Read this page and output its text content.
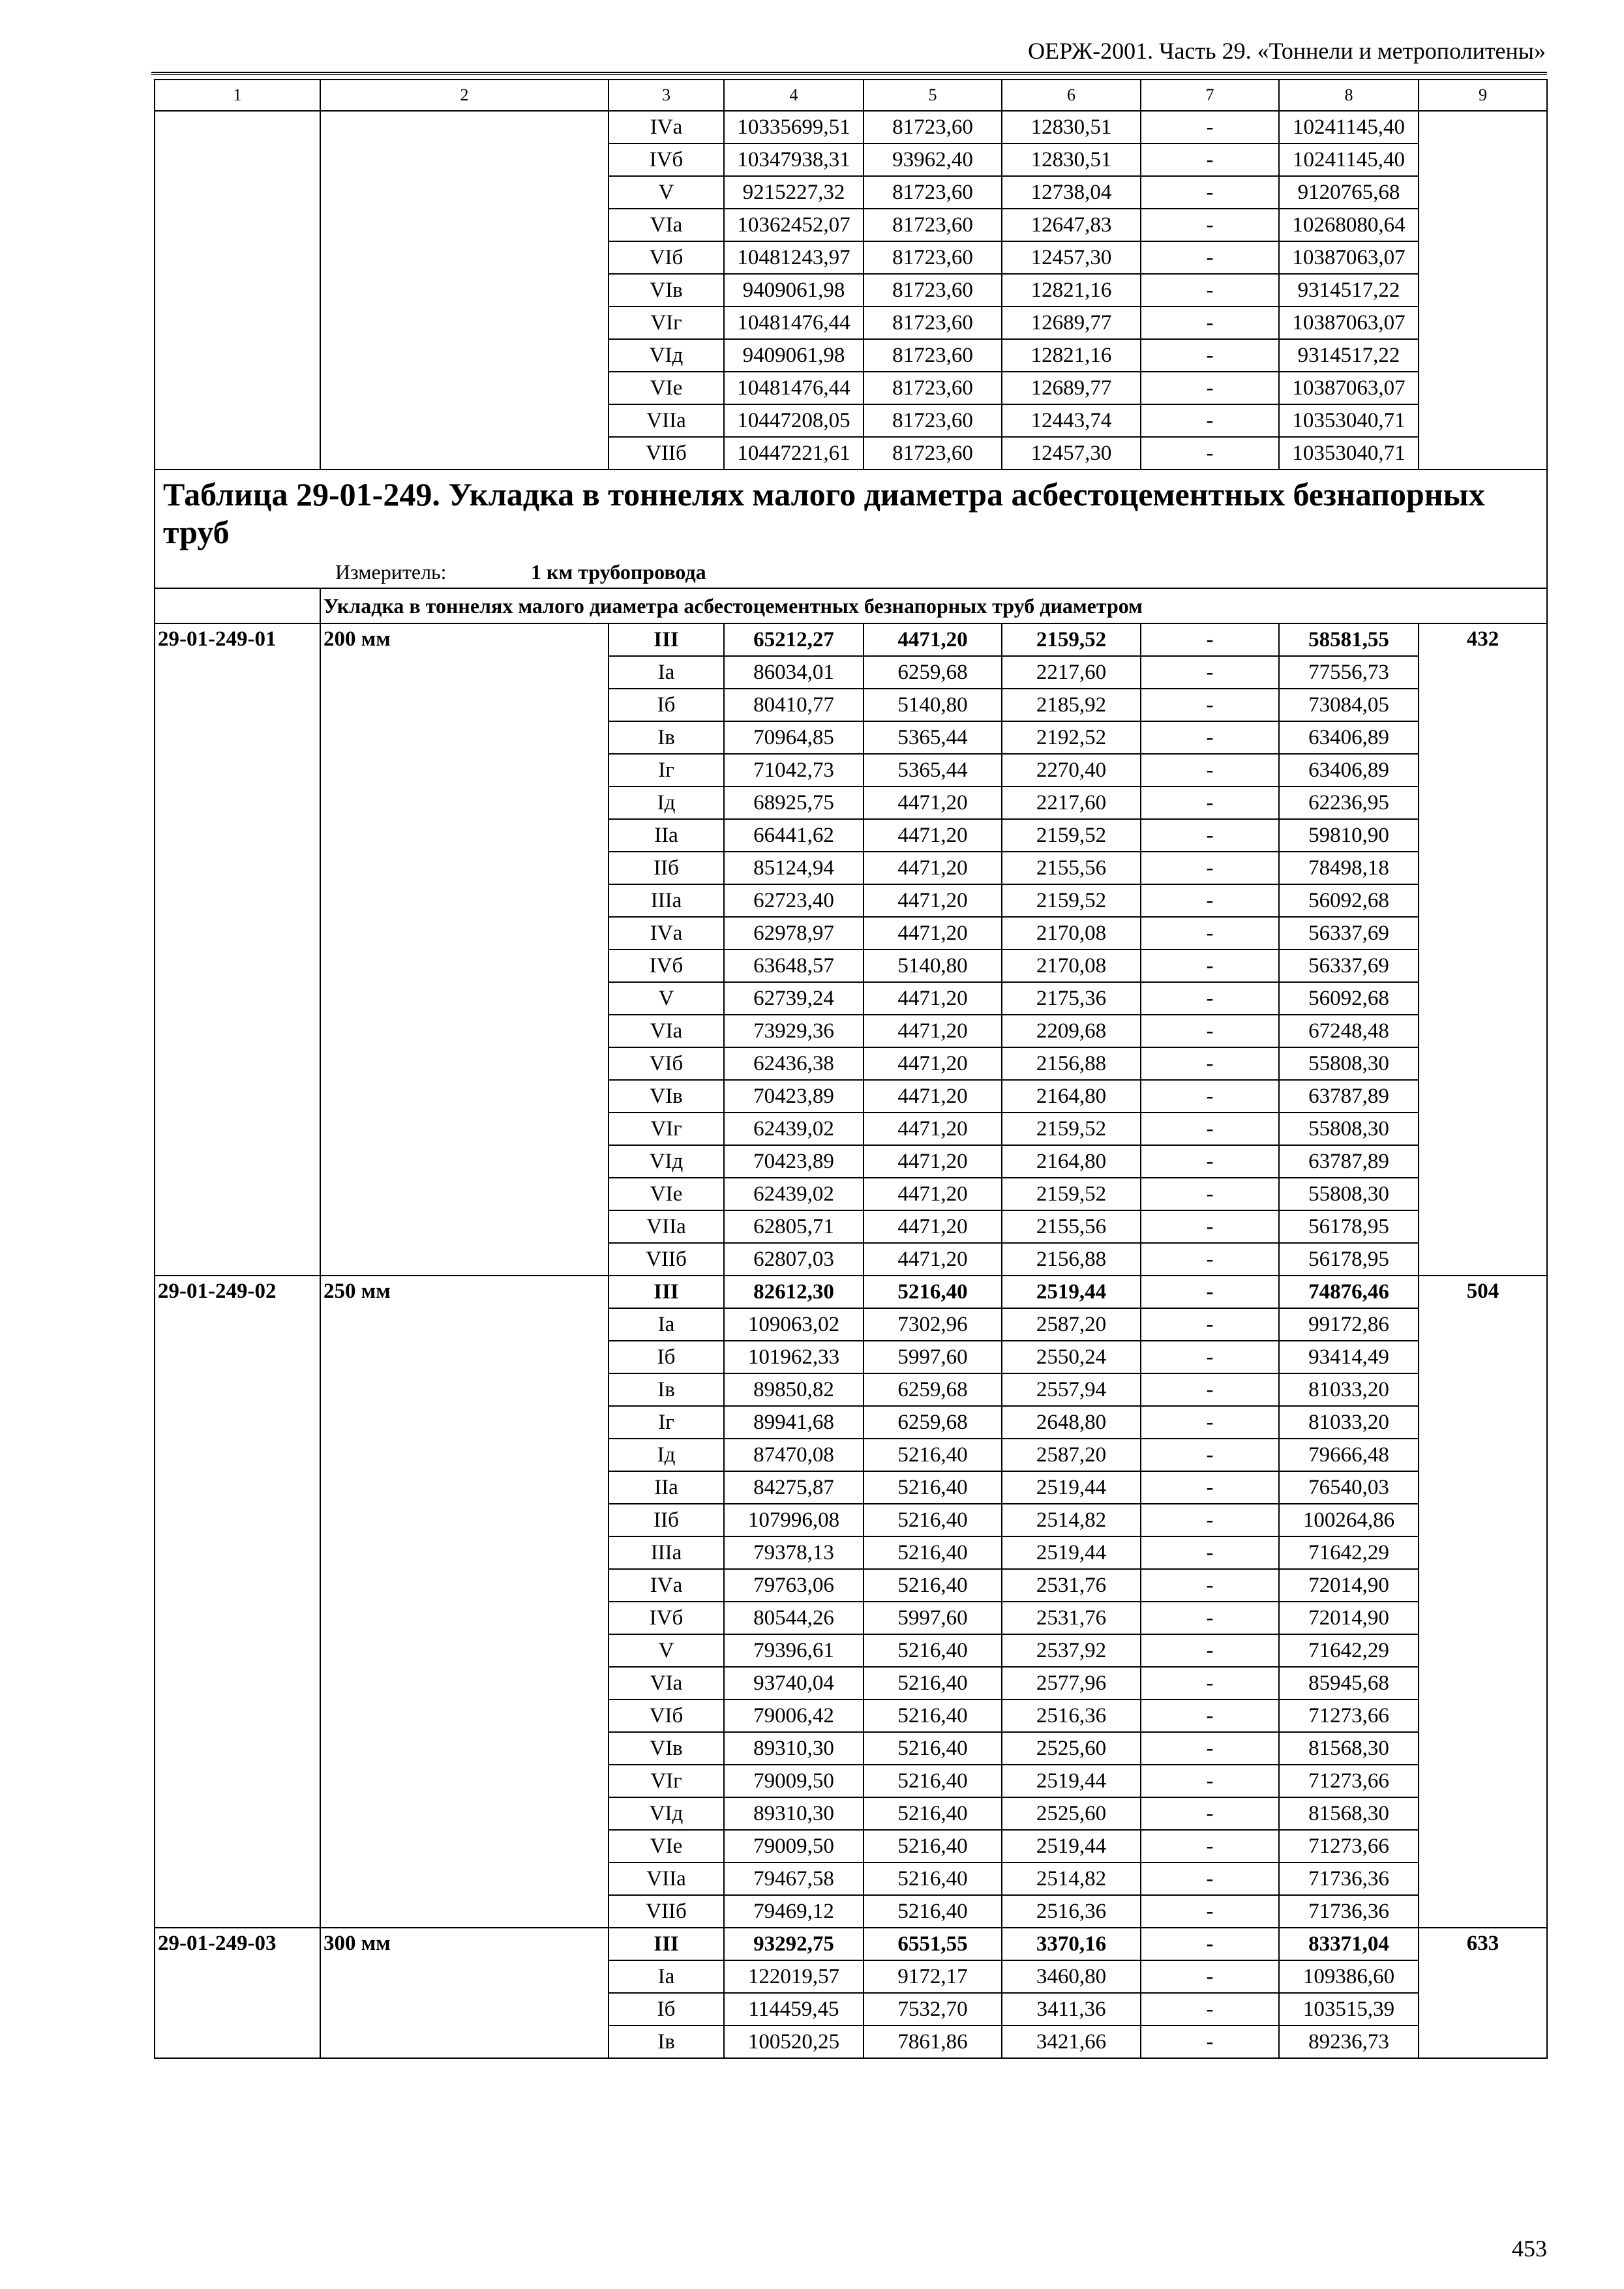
ОЕРЖ-2001. Часть 29. «Тоннели и метрополитены»
1	2	3	4	5	6	7	8	9
		IVа	10335699,51	81723,60	12830,51	-	10241145,40	
		IVб	10347938,31	93962,40	12830,51	-	10241145,40	
		V	9215227,32	81723,60	12738,04	-	9120765,68	
		VIа	10362452,07	81723,60	12647,83	-	10268080,64	
		VIб	10481243,97	81723,60	12457,30	-	10387063,07	
		VIв	9409061,98	81723,60	12821,16	-	9314517,22	
		VIг	10481476,44	81723,60	12689,77	-	10387063,07	
		VIд	9409061,98	81723,60	12821,16	-	9314517,22	
		VIе	10481476,44	81723,60	12689,77	-	10387063,07	
		VIIа	10447208,05	81723,60	12443,74	-	10353040,71	
		VIIб	10447221,61	81723,60	12457,30	-	10353040,71	

Таблица 29-01-249. Укладка в тоннелях малого диаметра асбестоцементных безнапорных труб
Измеритель: 1 км трубопровода								

	Укладка в тоннелях малого диаметра асбестоцементных безнапорных труб диаметром							
29-01-249-01	200 мм	III	65212,27	4471,20	2159,52	-	58581,55	432
		Iа	86034,01	6259,68	2217,60	-	77556,73	
		Iб	80410,77	5140,80	2185,92	-	73084,05	
		Iв	70964,85	5365,44	2192,52	-	63406,89	
		Iг	71042,73	5365,44	2270,40	-	63406,89	
		Iд	68925,75	4471,20	2217,60	-	62236,95	
		IIа	66441,62	4471,20	2159,52	-	59810,90	
		IIб	85124,94	4471,20	2155,56	-	78498,18	
		IIIа	62723,40	4471,20	2159,52	-	56092,68	
		IVа	62978,97	4471,20	2170,08	-	56337,69	
		IVб	63648,57	5140,80	2170,08	-	56337,69	
		V	62739,24	4471,20	2175,36	-	56092,68	
		VIа	73929,36	4471,20	2209,68	-	67248,48	
		VIб	62436,38	4471,20	2156,88	-	55808,30	
		VIв	70423,89	4471,20	2164,80	-	63787,89	
		VIг	62439,02	4471,20	2159,52	-	55808,30	
		VIд	70423,89	4471,20	2164,80	-	63787,89	
		VIе	62439,02	4471,20	2159,52	-	55808,30	
		VIIа	62805,71	4471,20	2155,56	-	56178,95	
		VIIб	62807,03	4471,20	2156,88	-	56178,95	
29-01-249-02	250 мм	III	82612,30	5216,40	2519,44	-	74876,46	504
		Iа	109063,02	7302,96	2587,20	-	99172,86	
		Iб	101962,33	5997,60	2550,24	-	93414,49	
		Iв	89850,82	6259,68	2557,94	-	81033,20	
		Iг	89941,68	6259,68	2648,80	-	81033,20	
		Iд	87470,08	5216,40	2587,20	-	79666,48	
		IIа	84275,87	5216,40	2519,44	-	76540,03	
		IIб	107996,08	5216,40	2514,82	-	100264,86	
		IIIа	79378,13	5216,40	2519,44	-	71642,29	
		IVа	79763,06	5216,40	2531,76	-	72014,90	
		IVб	80544,26	5997,60	2531,76	-	72014,90	
		V	79396,61	5216,40	2537,92	-	71642,29	
		VIа	93740,04	5216,40	2577,96	-	85945,68	
		VIб	79006,42	5216,40	2516,36	-	71273,66	
		VIв	89310,30	5216,40	2525,60	-	81568,30	
		VIг	79009,50	5216,40	2519,44	-	71273,66	
		VIд	89310,30	5216,40	2525,60	-	81568,30	
		VIе	79009,50	5216,40	2519,44	-	71273,66	
		VIIа	79467,58	5216,40	2514,82	-	71736,36	
		VIIб	79469,12	5216,40	2516,36	-	71736,36	
29-01-249-03	300 мм	III	93292,75	6551,55	3370,16	-	83371,04	633
		Iа	122019,57	9172,17	3460,80	-	109386,60	
		Iб	114459,45	7532,70	3411,36	-	103515,39	
		Iв	100520,25	7861,86	3421,66	-	89236,73	
453
